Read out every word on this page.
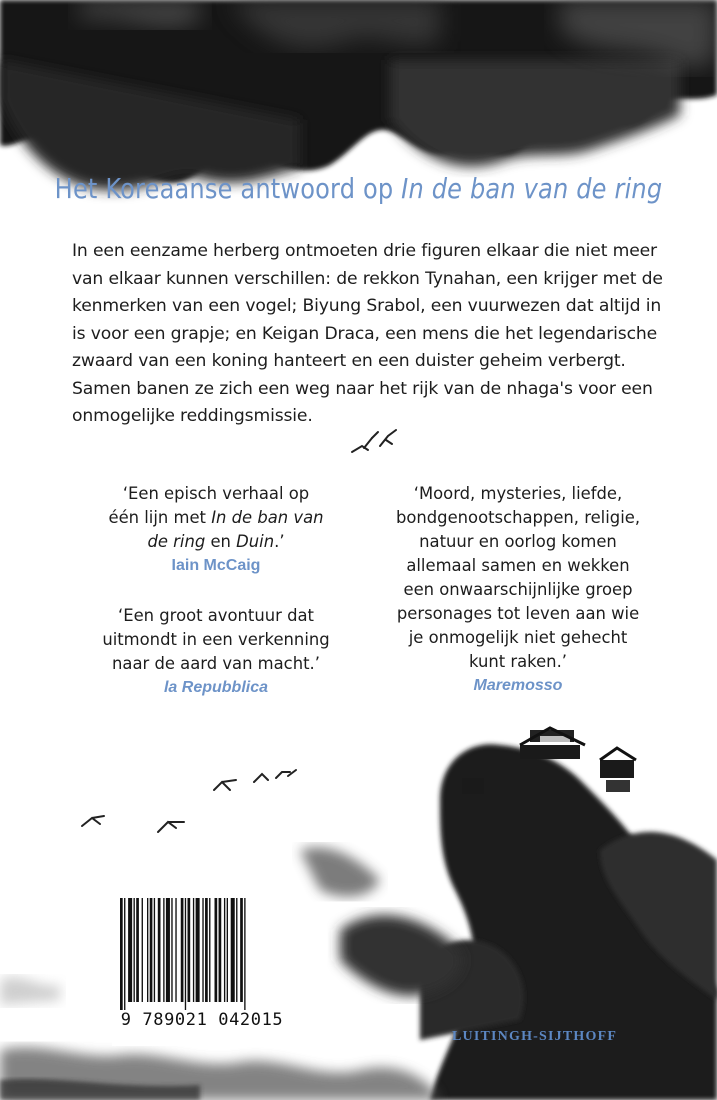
Het Koreaanse antwoord op In de ban van de ring
In een eenzame herberg ontmoeten drie figuren elkaar die niet meer
van elkaar kunnen verschillen: de rekkon Tynahan, een krijger met de
kenmerken van een vogel; Biyung Srabol, een vuurwezen dat altijd in
is voor een grapje; en Keigan Draca, een mens die het legendarische
zwaard van een koning hanteert en een duister geheim verbergt.
Samen banen ze zich een weg naar het rijk van de nhaga's voor een
onmogelijke reddingsmissie.
‘Een episch verhaal op
één lijn met In de ban van
de ring en Duin.’
Iain McCaig
‘Een groot avontuur dat
uitmondt in een verkenning
naar de aard van macht.’
la Repubblica
‘Moord, mysteries, liefde,
bondgenootschappen, religie,
natuur en oorlog komen
allemaal samen en wekken
een onwaarschijnlijke groep
personages tot leven aan wie
je onmogelijk niet gehecht
kunt raken.’
Maremosso
9 789021 042015
LUITINGH-SIJTHOFF
